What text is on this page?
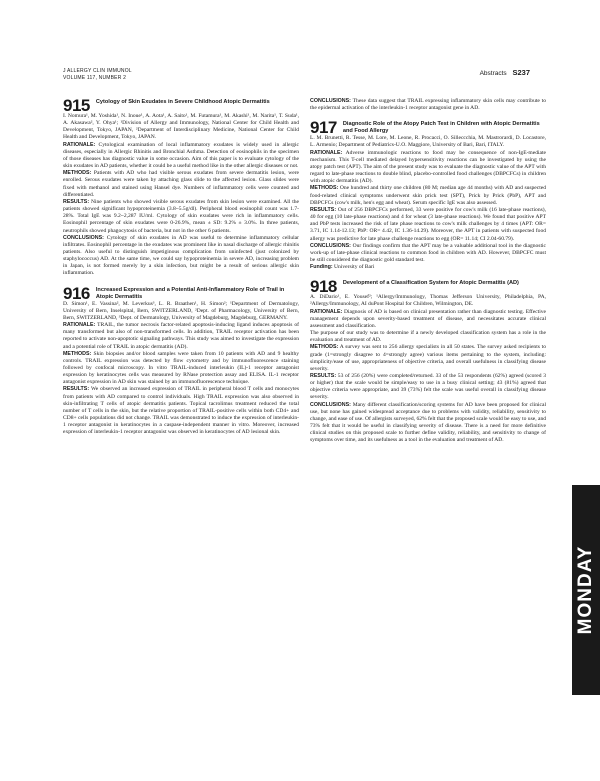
J ALLERGY CLIN IMMUNOL
VOLUME 117, NUMBER 2
Abstracts S237
915 Cytology of Skin Exudates in Severe Childhood Atopic Dermatitis

I. Nomura¹, M. Yoshida¹, N. Inoue¹, A. Aota¹, A. Saito¹, M. Futamura¹, M. Akashi¹, M. Narita¹, T. Suda¹, A. Akasawa², Y. Ohya¹; ¹Division of Allergy and Immunology, National Center for Child Health and Development, Tokyo, JAPAN, ²Department of Interdisciplinary Medicine, National Center for Child Health and Development, Tokyo, JAPAN.

RATIONALE: Cytological examination of local inflammatory exudates is widely used in allergic diseases, especially in Allergic Rhinitis and Bronchial Asthma. Detection of eosinophils in the specimen of those diseases has diagnostic value in some occasion. Aim of this paper is to evaluate cytology of the skin exudates in AD patients, whether it could be a useful method like in the other allergic diseases or not.

METHODS: Patients with AD who had visible serous exudates from severe dermatitis lesion, were enrolled. Serous exudates were taken by attaching glass slide to the affected lesion. Glass slides were fixed with methanol and stained using Hansel dye. Numbers of inflammatory cells were counted and differentiated.

RESULTS: Nine patients who showed visible serous exudates from skin lesion were examined. All the patients showed significant hypoproteinemia (3.8~5.5g/dl). Peripheral blood eosinophil count was 1.7-28%. Total IgE was 9.2~2,287 IU/ml. Cytology of skin exudates were rich in inflammatory cells. Eosinophil percentage of skin exudates were 0-26.9%, mean ± SD: 9.2% ± 3.0%. In three patients, neutrophils showed phagocytosis of bacteria, but not in the other 6 patients.

CONCLUSIONS: Cytology of skin exudates in AD was useful to determine inflammatory cellular infiltrates. Eosinophil percentage in the exudates was prominent like in nasal discharge of allergic rhinitis patients. Also useful to distinguish impetiginous complication from uninfected (just colonized by staphylococcus) AD. At the same time, we could say hypoproteinemia in severe AD, increasing problem in Japan, is not formed merely by a skin infection, but might be a result of serious allergic skin inflammation.

916 Increased Expression and a Potential Anti-Inflammatory Role of Trail in Atopic Dermatitis

D. Simon¹, E. Vassina², M. Leverkus³, L. R. Braathen¹, H. Simon²; ¹Department of Dermatology, University of Bern, Inselspital, Bern, SWITZERLAND, ²Dept. of Pharmacology, University of Bern, Bern, SWITZERLAND, ³Dept. of Dermatology, University of Magdeburg, Magdeburg, GERMANY.

RATIONALE: TRAIL, the tumor necrosis factor-related apoptosis-inducing ligand induces apoptosis of many transformed but also of non-transformed cells. In addition, TRAIL receptor activation has been reported to activate non-apoptotic signaling pathways. This study was aimed to investigate the expression and a potential role of TRAIL in atopic dermatitis (AD).

METHODS: Skin biopsies and/or blood samples were taken from 10 patients with AD and 9 healthy controls. TRAIL expression was detected by flow cytometry and by immunofluorescence staining followed by confocal microscopy. In vitro TRAIL-induced interleukin (IL)-1 receptor antagonist expression by keratinocytes cells was measured by RNase protection assay and ELISA. IL-1 receptor antagonist expression in AD skin was stained by an immunofluorescence technique.

RESULTS: We observed an increased expression of TRAIL in peripheral blood T cells and monocytes from patients with AD compared to control individuals. High TRAIL expression was also observed in skin-infiltrating T cells of atopic dermatitis patients. Topical tacrolimus treatment reduced the total number of T cells in the skin, but the relative proportion of TRAIL-positive cells within both CD4+ and CD8+ cells populations did not change. TRAIL was demonstrated to induce the expression of interleukin-1 receptor antagonist in keratinocytes in a caspase-independent manner in vitro. Moreover, increased expression of interleukin-1 receptor antagonist was observed in keratinocytes of AD lesional skin.

CONCLUSIONS: These data suggest that TRAIL expressing inflammatory skin cells may contribute to the epidermal activation of the interleukin-1 receptor antagonist gene in AD.

917 Diagnostic Role of the Atopy Patch Test in Children with Atopic Dermatitis and Food Allergy

L. M. Brunetti, R. Tesse, M. Lore, M. Leone, R. Procacci, O. Silleccchia, M. Mastrorardi, D. Locastore, L. Armenio; Department of Pediatrics-U.O. Maggiore, University of Bari, Bari, ITALY.

RATIONALE: Adverse immunologic reactions to food may be consequence of non-IgE-mediate mechanism. This T-cell mediated delayed hypersensitivity reactions can be investigated by using the atopy patch test (APT). The aim of the present study was to evaluate the diagnostic value of the APT with regard to late-phase reactions to double blind, placebo-controlled food challenges (DBPCFCs) in children with atopic dermatitis (AD).

METHODS: One hundred and thirty one children (80 M; median age 44 months) with AD and suspected food-related clinical symptoms underwent skin prick test (SPT), Prick by Prick (PbP), APT and DBPCFCs (cow's milk, hen's egg and wheat). Serum specific IgE was also assessed.

RESULTS: Out of 256 DBPCFCs performed, 33 were positive for cow's milk (16 late-phase reactions), 40 for egg (10 late-phase reactions) and 4 for wheat (3 late-phase reactions). We found that positive APT and PbP tests increased the risk of late phase reactions to cow's milk challenges by 4 times (APT: OR= 3.71, IC 1.14-12.13; PbP: OR= 4.42, IC 1.36-14.29). Moreover, the APT in patients with suspected food allergy was predictive for late phase challenge reactions to egg (OR= 11.14; CI 2.04-60.79).

CONCLUSIONS: Our findings confirm that the APT may be a valuable additional tool in the diagnostic work-up of late-phase clinical reactions to common food in children with AD. However, DBPCFC must be still considered the diagnostic gold standard test.

Funding: University of Bari

918 Development of a Classification System for Atopic Dermatitis (AD)

A. DiDario¹, E. Yousef²; ¹Allergy/Immunology, Thomas Jefferson University, Philadelphia, PA, ²Allergy/Immunology, AI duPont Hospital for Children, Wilmington, DE.

RATIONALE: Diagnosis of AD is based on clinical presentation rather than diagnostic testing. Effective management depends upon severity-based treatment of disease, and necessitates accurate clinical assessment and classification.

The purpose of our study was to determine if a newly developed classification system has a role in the evaluation and treatment of AD.

METHODS: A survey was sent to 256 allergy specialists in all 50 states. The survey asked recipients to grade (1=strongly disagree to 4=strongly agree) various items pertaining to the system, including: simplicity/ease of use, appropriateness of objective criteria, and overall usefulness in classifying disease severity.

RESULTS: 53 of 256 (20%) were completed/returned. 33 of the 53 respondents (62%) agreed (scored 3 or higher) that the scale would be simple/easy to use in a busy clinical setting; 43 (81%) agreed that objective criteria were appropriate, and 39 (73%) felt the scale was useful overall in classifying disease severity.

CONCLUSIONS: Many different classification/scoring systems for AD have been proposed for clinical use, but none has gained widespread acceptance due to problems with validity, reliability, sensitivity to change, and ease of use. Of allergists surveyed, 62% felt that the proposed scale would be easy to use, and 73% felt that it would be useful in classifying severity of disease. There is a need for more definitive clinical studies on this proposed scale to further define validity, reliability, and sensitivity to change of symptoms over time, and its usefulness as a tool in the evaluation and treatment of AD.

MONDAY
